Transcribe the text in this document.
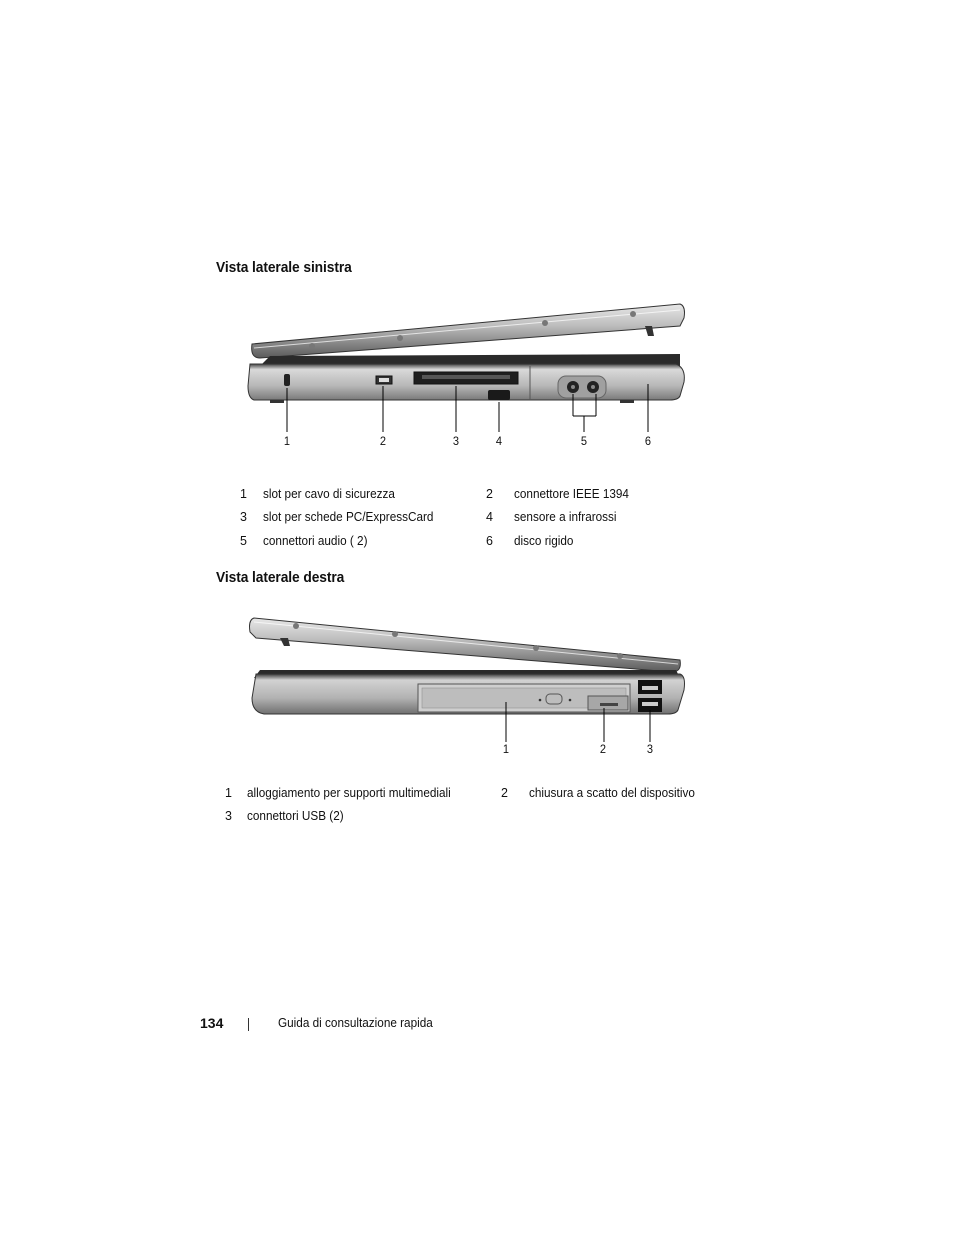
Vista laterale sinistra
1	2	3	4	5	6
1 slot per cavo di sicurezza	2 connettore IEEE 1394
3 slot per schede PC/ExpressCard	4 sensore a infrarossi
5 connettori audio ( 2)	6 disco rigido
Vista laterale destra
1	2	3
1 alloggiamento per supporti multimediali	2 chiusura a scatto del dispositivo
3 connettori USB (2)
134	Guida di consultazione rapida
